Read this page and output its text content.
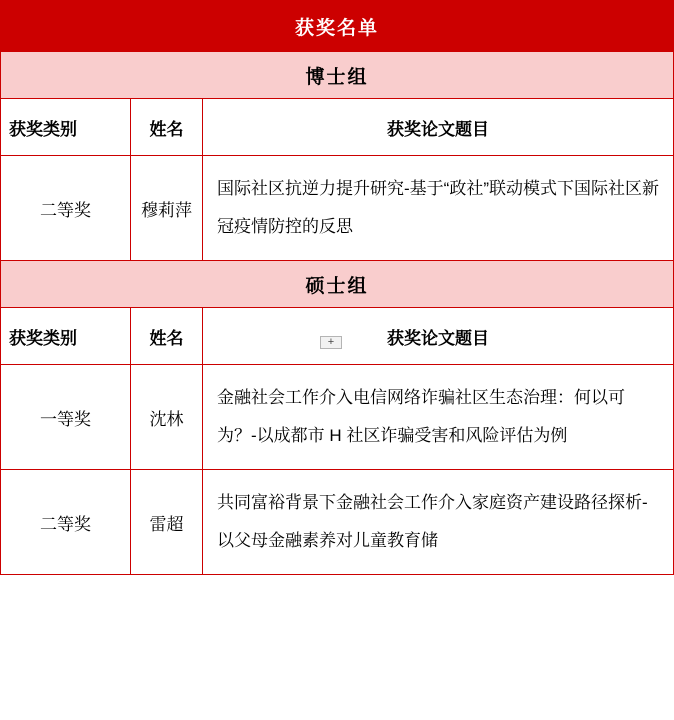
+
获奖名单		
博士组		
获奖类别	姓名	获奖论文题目
二等奖	穆莉萍	国际社区抗逆力提升研究-基于“政社”联动模式下国际社区新冠疫情防控的反思
硕士组		
获奖类别	姓名	获奖论文题目
一等奖	沈林	金融社会工作介入电信网络诈骗社区生态治理：何以可为？-以成都市 H 社区诈骗受害和风险评估为例
二等奖	雷超	共同富裕背景下金融社会工作介入家庭资产建设路径探析-以父母金融素养对儿童教育储
